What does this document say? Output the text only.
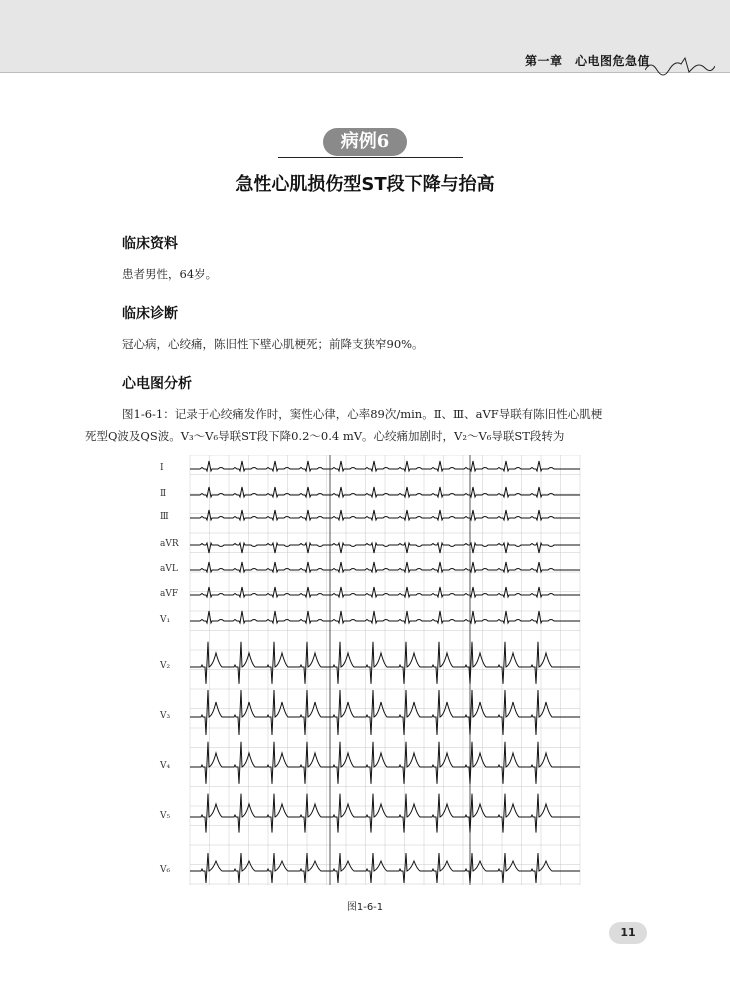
第一章　心电图危急值
病例6
急性心肌损伤型ST段下降与抬高
临床资料
患者男性，64岁。
临床诊断
冠心病，心绞痛，陈旧性下壁心肌梗死；前降支狭窄90%。
心电图分析
图1-6-1：记录于心绞痛发作时，窦性心律，心率89次/min。Ⅱ、Ⅲ、aVF导联有陈旧性心肌梗
死型Q波及QS波。V₃～V₆导联ST段下降0.2～0.4 mV。心绞痛加剧时，V₂～V₆导联ST段转为
Ⅰ
Ⅱ
Ⅲ
aVR
aVL
aVF
V₁
V₂
V₃
V₄
V₅
V₆
图1-6-1
11
